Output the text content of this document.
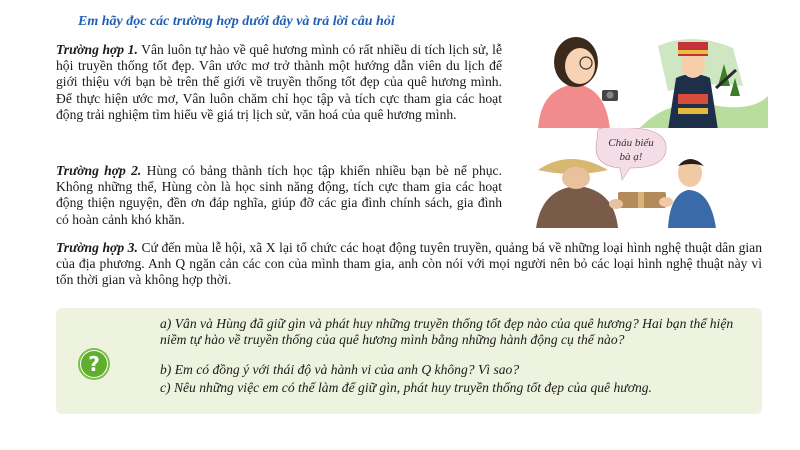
Em hãy đọc các trường hợp dưới đây và trả lời câu hỏi
Trường hợp 1. Vân luôn tự hào về quê hương mình có rất nhiều di tích lịch sử, lễ hội truyền thống tốt đẹp. Vân ước mơ trở thành một hướng dẫn viên du lịch để giới thiệu với bạn bè trên thế giới về truyền thống tốt đẹp của quê hương mình. Để thực hiện ước mơ, Vân luôn chăm chỉ học tập và tích cực tham gia các hoạt động trải nghiệm tìm hiểu về giá trị lịch sử, văn hoá của quê hương mình.
Trường hợp 2. Hùng có bảng thành tích học tập khiến nhiều bạn bè nể phục. Không những thế, Hùng còn là học sinh năng động, tích cực tham gia các hoạt động thiện nguyện, đền ơn đáp nghĩa, giúp đỡ các gia đình chính sách, gia đình có hoàn cảnh khó khăn.
Trường hợp 3. Cứ đến mùa lễ hội, xã X lại tổ chức các hoạt động tuyên truyền, quảng bá về những loại hình nghệ thuật dân gian của địa phương. Anh Q ngăn cản các con của mình tham gia, anh còn nói với mọi người nên bỏ các loại hình nghệ thuật này vì tốn thời gian và không hợp thời.
Cháu biếu
bà ạ!
?
a) Vân và Hùng đã giữ gìn và phát huy những truyền thống tốt đẹp nào của quê hương? Hai bạn thể hiện niềm tự hào về truyền thống của quê hương mình bằng những hành động cụ thể nào?
b) Em có đồng ý với thái độ và hành vi của anh Q không? Vì sao?
c) Nêu những việc em có thể làm để giữ gìn, phát huy truyền thống tốt đẹp của quê hương.
